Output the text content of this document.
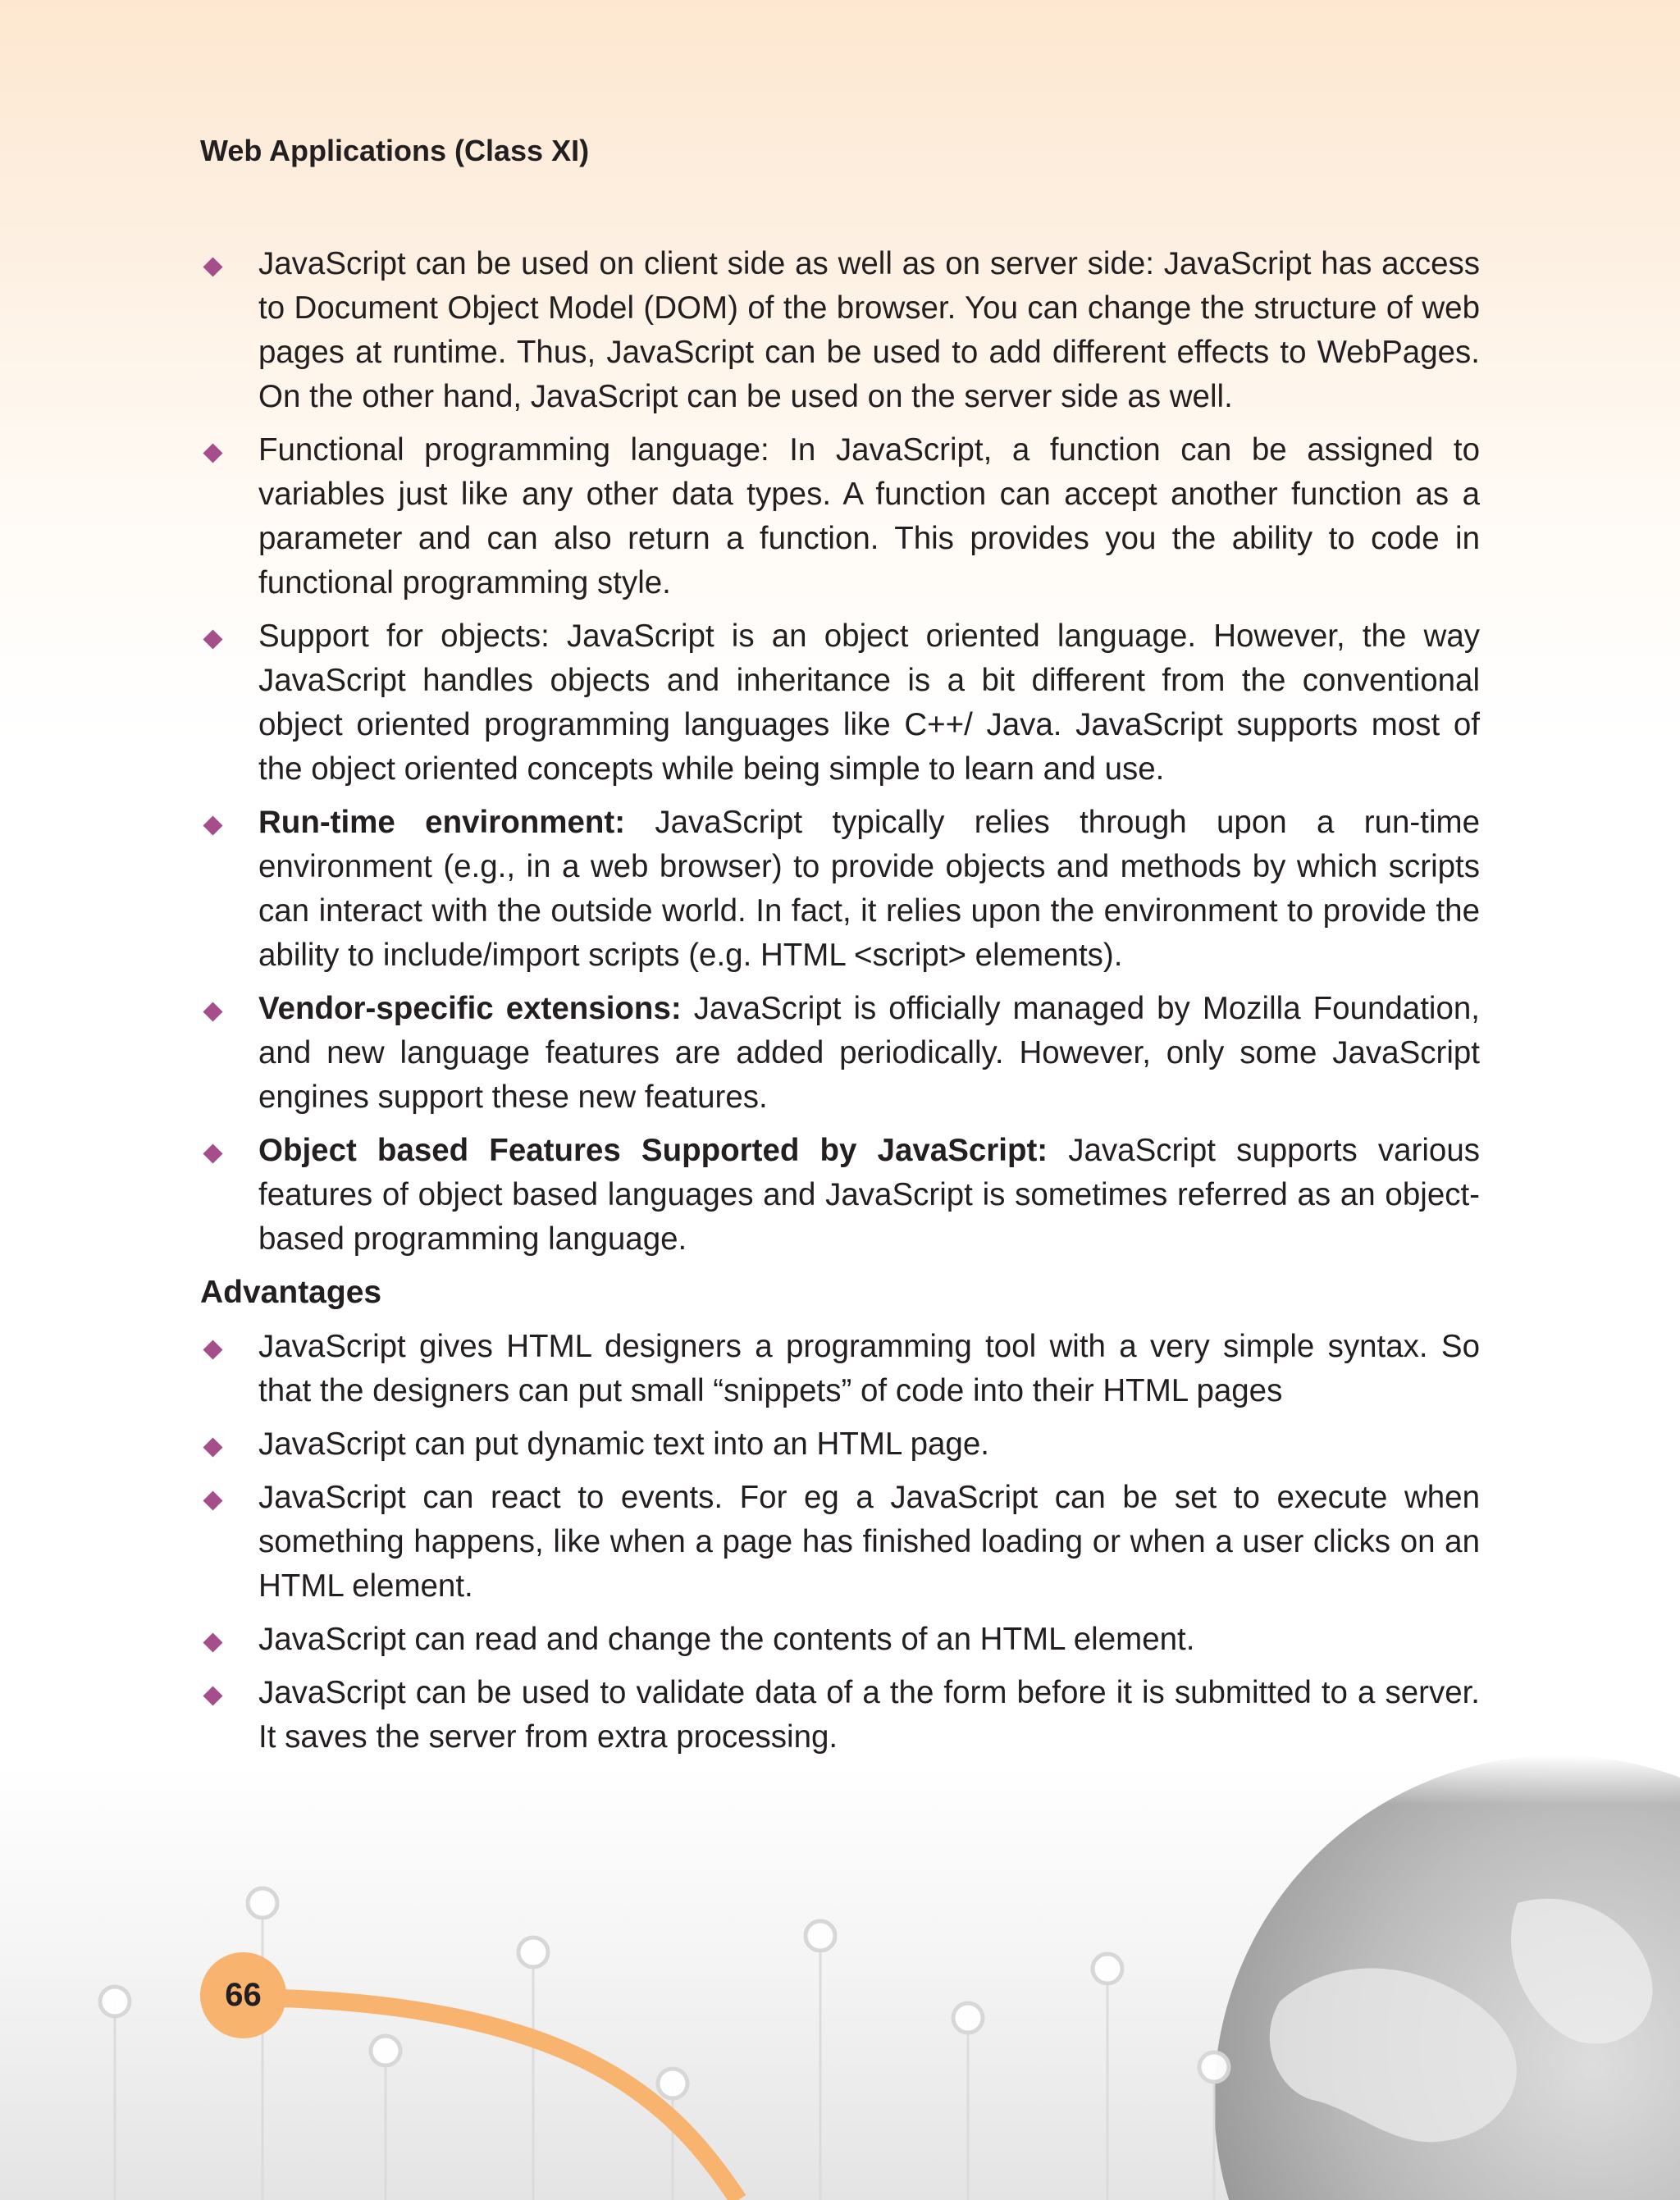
Web Applications (Class XI)
JavaScript can be used on client side as well as on server side: JavaScript has access to Document Object Model (DOM) of the browser. You can change the structure of web pages at runtime. Thus, JavaScript can be used to add different effects to WebPages. On the other hand, JavaScript can be used on the server side as well.
Functional programming language: In JavaScript, a function can be assigned to variables just like any other data types. A function can accept another function as a parameter and can also return a function. This provides you the ability to code in functional programming style.
Support for objects: JavaScript is an object oriented language. However, the way JavaScript handles objects and inheritance is a bit different from the conventional object oriented programming languages like C++/ Java. JavaScript supports most of the object oriented concepts while being simple to learn and use.
Run-time environment: JavaScript typically relies through upon a run-time environment (e.g., in a web browser) to provide objects and methods by which scripts can interact with the outside world. In fact, it relies upon the environment to provide the ability to include/import scripts (e.g. HTML <script> elements).
Vendor-specific extensions: JavaScript is officially managed by Mozilla Foundation, and new language features are added periodically. However, only some JavaScript engines support these new features.
Object based Features Supported by JavaScript: JavaScript supports various features of object based languages and JavaScript is sometimes referred as an object-based programming language.
Advantages
JavaScript gives HTML designers a programming tool with a very simple syntax. So that the designers can put small “snippets” of code into their HTML pages
JavaScript can put dynamic text into an HTML page.
JavaScript can react to events. For eg a JavaScript can be set to execute when something happens, like when a page has finished loading or when a user clicks on an HTML element.
JavaScript can read and change the contents of an HTML element.
JavaScript can be used to validate data of a the form before it is submitted to a server. It saves the server from extra processing.
66
